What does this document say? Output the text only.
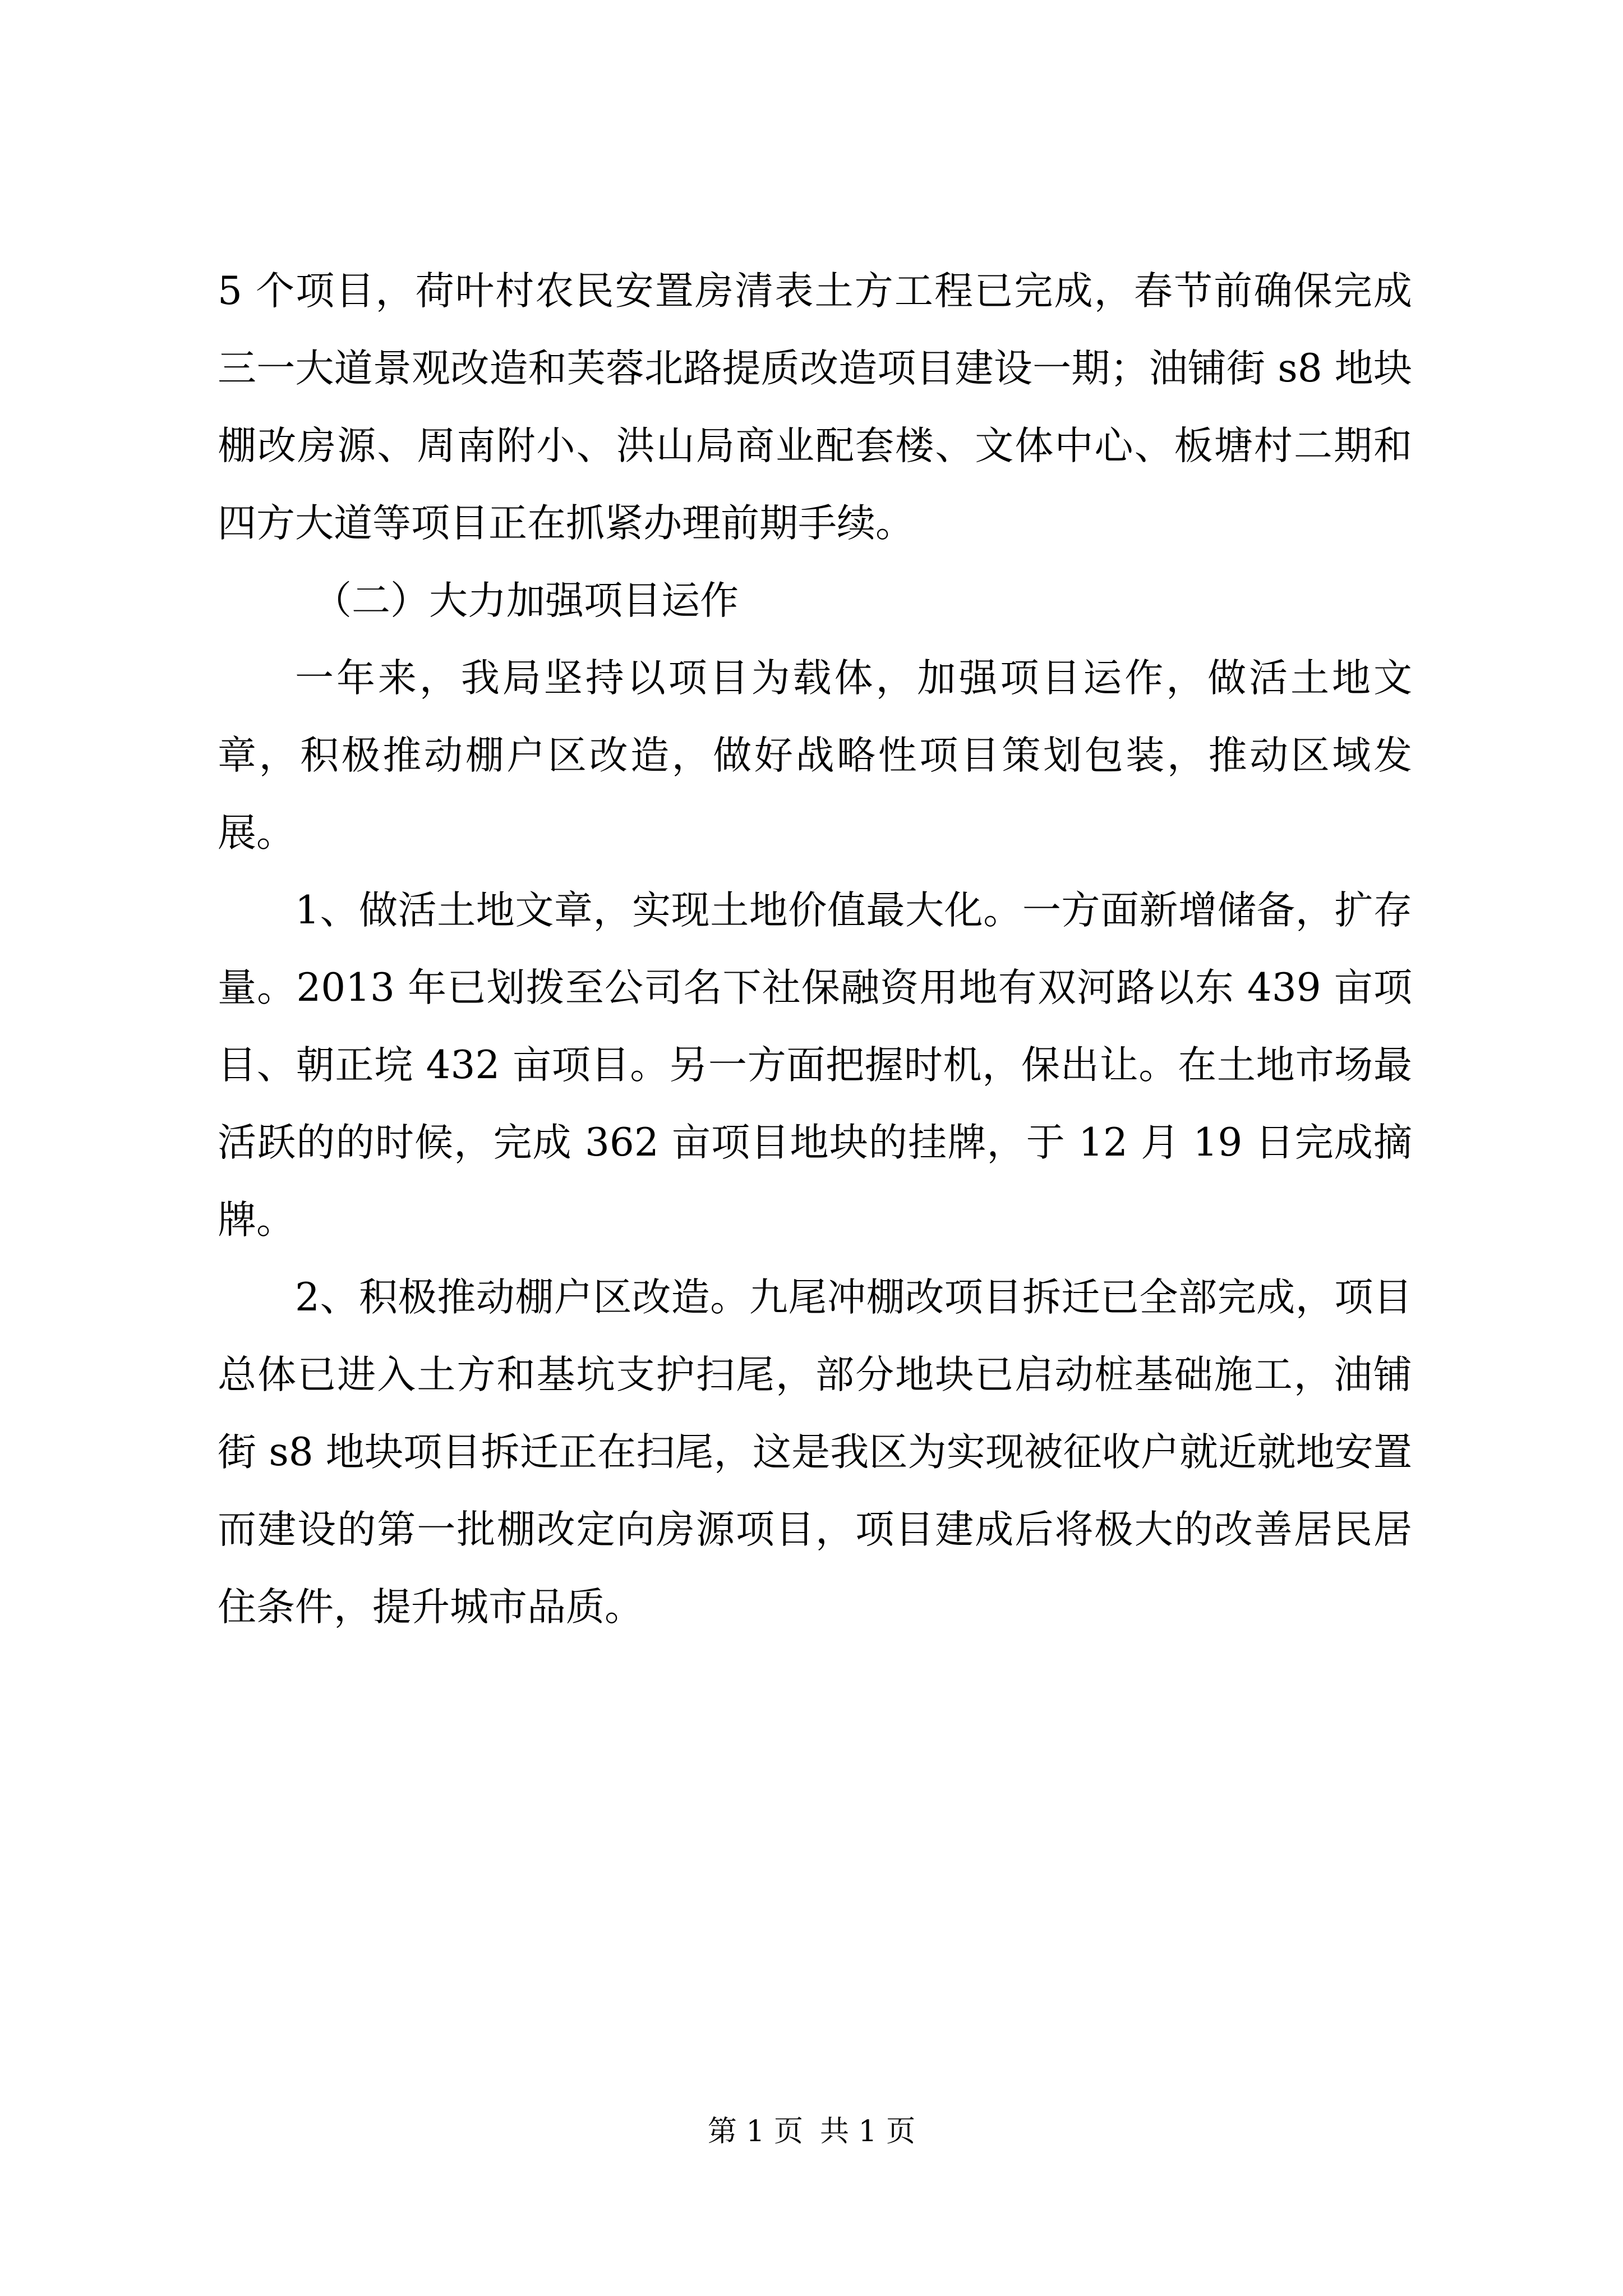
5 个项目，荷叶村农民安置房清表土方工程已完成，春节前确保完成三一大道景观改造和芙蓉北路提质改造项目建设一期；油铺街 s8 地块棚改房源、周南附小、洪山局商业配套楼、文体中心、板塘村二期和四方大道等项目正在抓紧办理前期手续。

（二）大力加强项目运作

一年来，我局坚持以项目为载体，加强项目运作，做活土地文章，积极推动棚户区改造，做好战略性项目策划包装，推动区域发展。

1、做活土地文章，实现土地价值最大化。一方面新增储备，扩存量。2013 年已划拨至公司名下社保融资用地有双河路以东 439 亩项目、朝正垸 432 亩项目。另一方面把握时机，保出让。在土地市场最活跃的的时候，完成 362 亩项目地块的挂牌，于 12 月 19 日完成摘牌。

2、积极推动棚户区改造。九尾冲棚改项目拆迁已全部完成，项目总体已进入土方和基坑支护扫尾，部分地块已启动桩基础施工，油铺街 s8 地块项目拆迁正在扫尾，这是我区为实现被征收户就近就地安置而建设的第一批棚改定向房源项目，项目建成后将极大的改善居民居住条件，提升城市品质。

第 1 页 共 1 页
